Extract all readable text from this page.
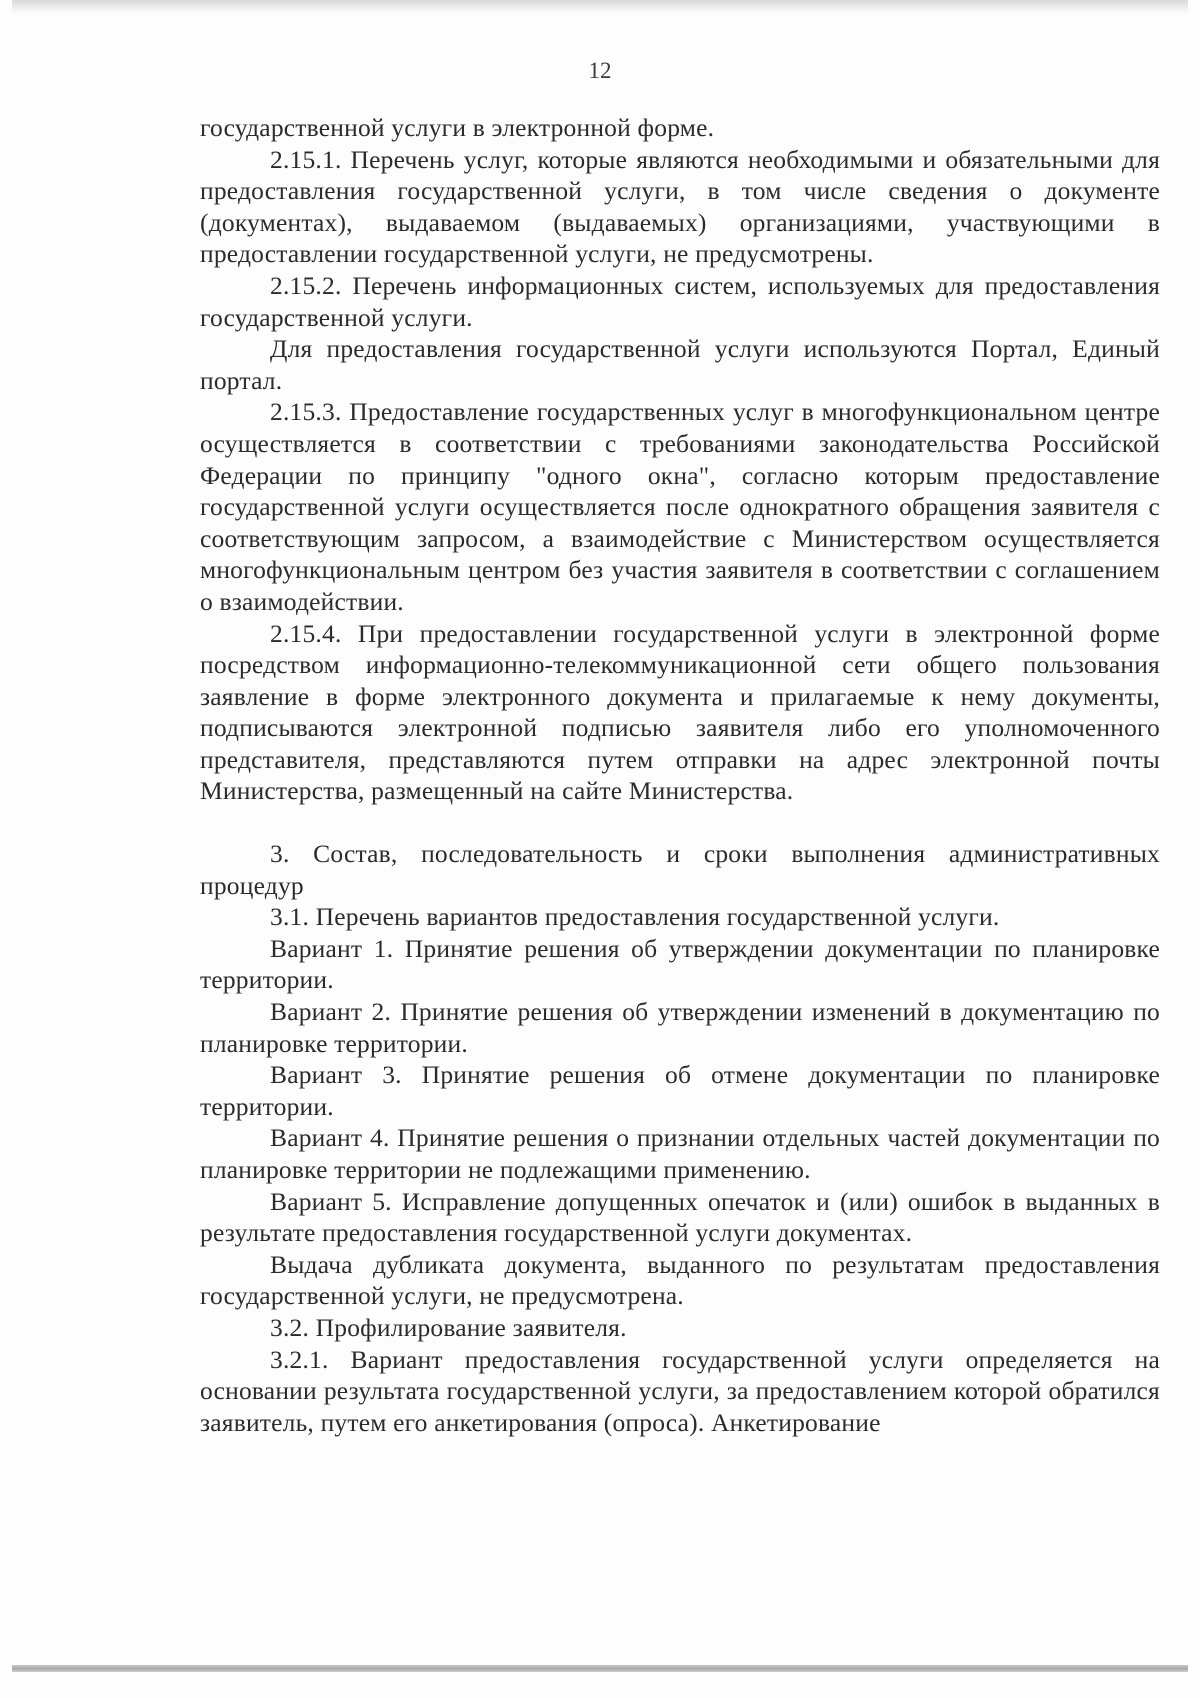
12

государственной услуги в электронной форме.

2.15.1. Перечень услуг, которые являются необходимыми и обязательными для предоставления государственной услуги, в том числе сведения о документе (документах), выдаваемом (выдаваемых) организациями, участвующими в предоставлении государственной услуги, не предусмотрены.

2.15.2. Перечень информационных систем, используемых для предоставления государственной услуги.

Для предоставления государственной услуги используются Портал, Единый портал.

2.15.3. Предоставление государственных услуг в многофункциональном центре осуществляется в соответствии с требованиями законодательства Российской Федерации по принципу "одного окна", согласно которым предоставление государственной услуги осуществляется после однократного обращения заявителя с соответствующим запросом, а взаимодействие с Министерством осуществляется многофункциональным центром без участия заявителя в соответствии с соглашением о взаимодействии.

2.15.4. При предоставлении государственной услуги в электронной форме посредством информационно-телекоммуникационной сети общего пользования заявление в форме электронного документа и прилагаемые к нему документы, подписываются электронной подписью заявителя либо его уполномоченного представителя, представляются путем отправки на адрес электронной почты Министерства, размещенный на сайте Министерства.

3. Состав, последовательность и сроки выполнения административных процедур

3.1. Перечень вариантов предоставления государственной услуги.

Вариант 1. Принятие решения об утверждении документации по планировке территории.

Вариант 2. Принятие решения об утверждении изменений в документацию по планировке территории.

Вариант 3. Принятие решения об отмене документации по планировке территории.

Вариант 4. Принятие решения о признании отдельных частей документации по планировке территории не подлежащими применению.

Вариант 5. Исправление допущенных опечаток и (или) ошибок в выданных в результате предоставления государственной услуги документах.

Выдача дубликата документа, выданного по результатам предоставления государственной услуги, не предусмотрена.

3.2. Профилирование заявителя.

3.2.1. Вариант предоставления государственной услуги определяется на основании результата государственной услуги, за предоставлением которой обратился заявитель, путем его анкетирования (опроса). Анкетирование
